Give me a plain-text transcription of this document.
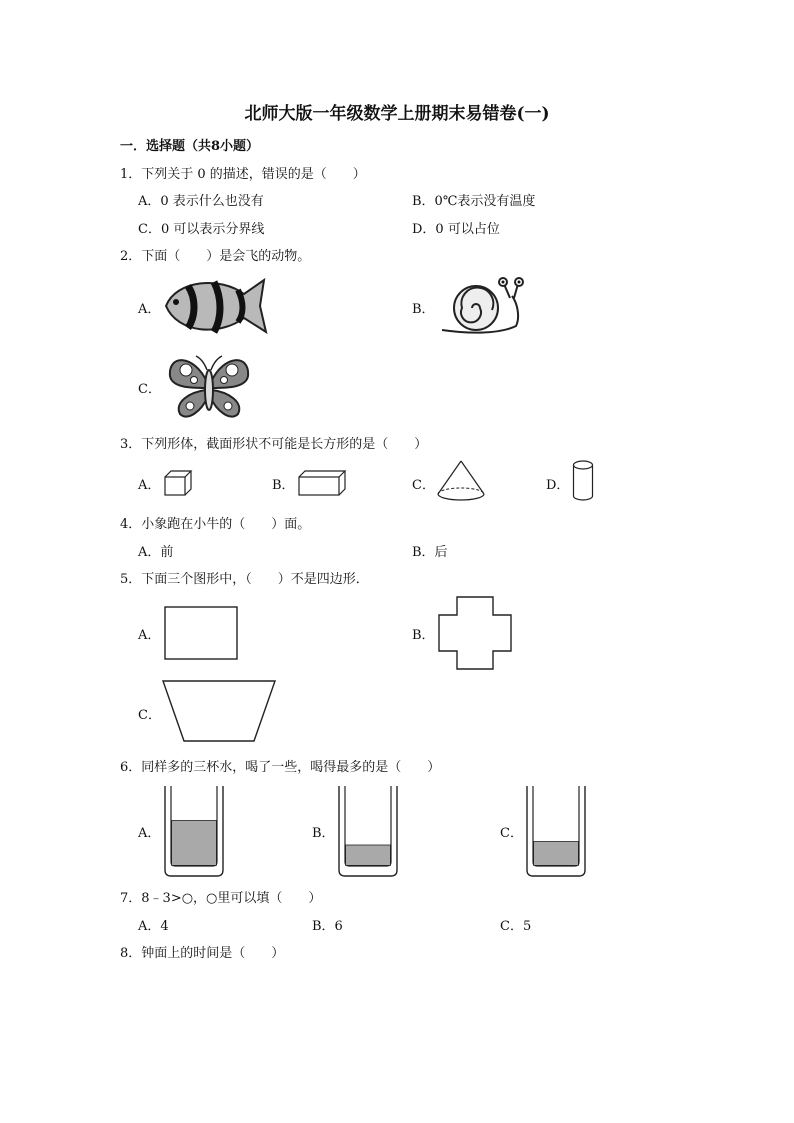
北师大版一年级数学上册期末易错卷(一)
一．选择题（共8小题）
1．下列关于 0 的描述，错误的是（　　）
A．0 表示什么也没有	B．0℃表示没有温度
C．0 可以表示分界线	D．0 可以占位
2．下面（　　）是会飞的动物。
A．	B．
C．
3．下列形体，截面形状不可能是长方形的是（　　）
A．	B．	C．	D．
4．小象跑在小牛的（　　）面。
A．前	B．后
5．下面三个图形中，（　　）不是四边形．
A．	B．
C．
6．同样多的三杯水，喝了一些，喝得最多的是（　　）
A．	B．	C．
7．8﹣3>○，○里可以填（　　）
A．4	B．6	C．5
8．钟面上的时间是（　　）
